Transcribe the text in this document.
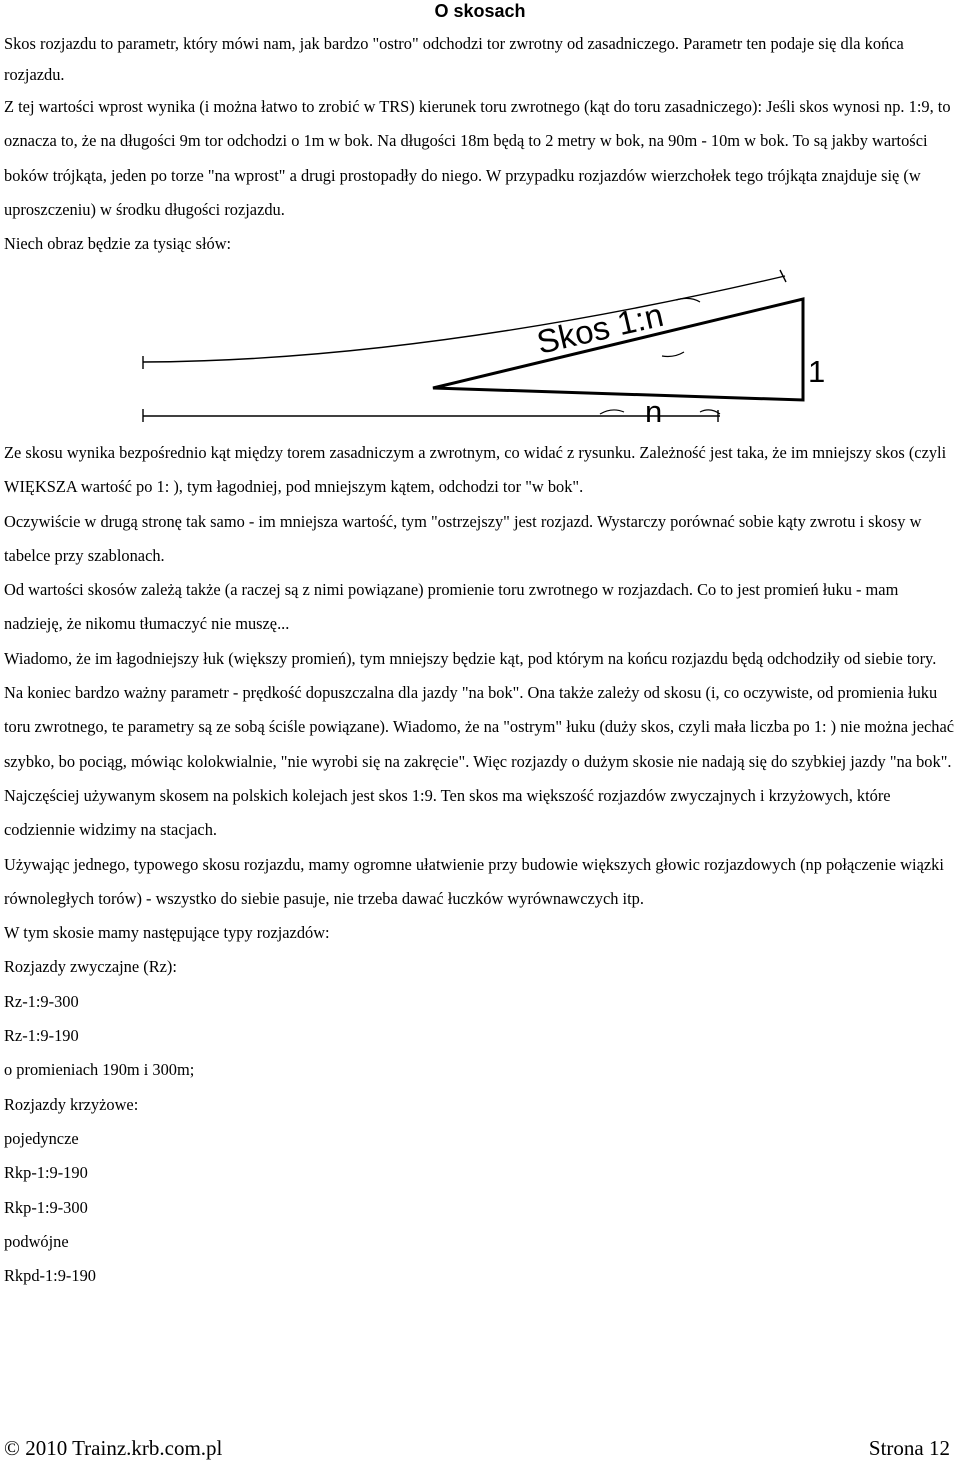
O skosach

Skos rozjazdu to parametr, który mówi nam, jak bardzo "ostro" odchodzi tor zwrotny od zasadniczego. Parametr ten podaje się dla końca rozjazdu.

Z tej wartości wprost wynika (i można łatwo to zrobić w TRS) kierunek toru zwrotnego (kąt do toru zasadniczego): Jeśli skos wynosi np. 1:9, to oznacza to, że na długości 9m tor odchodzi o 1m w bok. Na długości 18m będą to 2 metry w bok, na 90m - 10m w bok. To są jakby wartości boków trójkąta, jeden po torze "na wprost" a drugi prostopadły do niego. W przypadku rozjazdów wierzchołek tego trójkąta znajduje się (w uproszczeniu) w środku długości rozjazdu.

Niech obraz będzie za tysiąc słów:

Skos 1:n
1
n

Ze skosu wynika bezpośrednio kąt między torem zasadniczym a zwrotnym, co widać z rysunku. Zależność jest taka, że im mniejszy skos (czyli WIĘKSZA wartość po 1: ), tym łagodniej, pod mniejszym kątem, odchodzi tor "w bok".

Oczywiście w drugą stronę tak samo - im mniejsza wartość, tym "ostrzejszy" jest rozjazd. Wystarczy porównać sobie kąty zwrotu i skosy w tabelce przy szablonach.

Od wartości skosów zależą także (a raczej są z nimi powiązane) promienie toru zwrotnego w rozjazdach. Co to jest promień łuku - mam nadzieję, że nikomu tłumaczyć nie muszę...

Wiadomo, że im łagodniejszy łuk (większy promień), tym mniejszy będzie kąt, pod którym na końcu rozjazdu będą odchodziły od siebie tory.

Na koniec bardzo ważny parametr - prędkość dopuszczalna dla jazdy "na bok". Ona także zależy od skosu (i, co oczywiste, od promienia łuku toru zwrotnego, te parametry są ze sobą ściśle powiązane). Wiadomo, że na "ostrym" łuku (duży skos, czyli mała liczba po 1: ) nie można jechać szybko, bo pociąg, mówiąc kolokwialnie, "nie wyrobi się na zakręcie". Więc rozjazdy o dużym skosie nie nadają się do szybkiej jazdy "na bok".

Najczęściej używanym skosem na polskich kolejach jest skos 1:9. Ten skos ma większość rozjazdów zwyczajnych i krzyżowych, które codziennie widzimy na stacjach.

Używając jednego, typowego skosu rozjazdu, mamy ogromne ułatwienie przy budowie większych głowic rozjazdowych (np połączenie wiązki równoległych torów) - wszystko do siebie pasuje, nie trzeba dawać łuczków wyrównawczych itp.

W tym skosie mamy następujące typy rozjazdów:

Rozjazdy zwyczajne (Rz):

Rz-1:9-300

Rz-1:9-190

o promieniach 190m i 300m;

Rozjazdy krzyżowe:

pojedyncze

Rkp-1:9-190

Rkp-1:9-300

podwójne

Rkpd-1:9-190

© 2010 Trainz.krb.com.pl	Strona 12
